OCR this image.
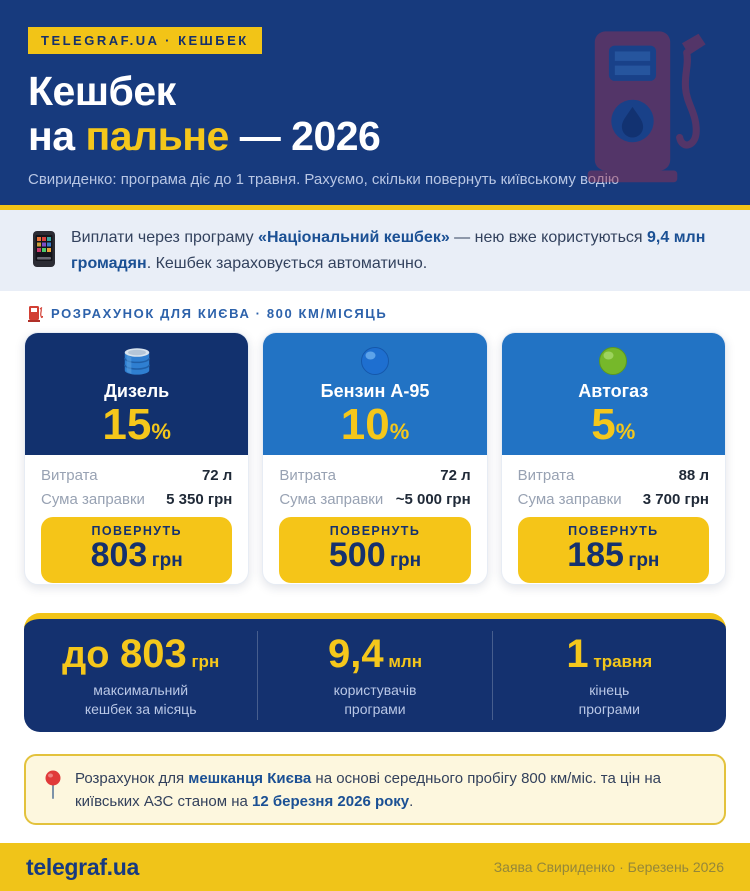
TELEGRAF.UA · КЕШБЕК
Кешбек
на пальне — 2026

Свириденко: програма діє до 1 травня. Рахуємо, скільки повернуть київському водію

Виплати через програму «Національний кешбек» — нею вже користуються 9,4 млн громадян. Кешбек зараховується автоматично.

РОЗРАХУНОК ДЛЯ КИЄВА · 800 КМ/МІСЯЦЬ
Дизель
15%
Витрата	72 л
Сума заправки 5 350 грн
ПОВЕРНУТЬ
803 грн
Бензин А-95
10%
Витрата	72 л
Сума заправки ~5 000 грн
ПОВЕРНУТЬ
500 грн
Автогаз
5%
Витрата	88 л
Сума заправки 3 700 грн
ПОВЕРНУТЬ
185 грн
до 803 грн
максимальний
кешбек за місяць
9,4 млн
користувачів
програми
1 травня
кінець
програми

Розрахунок для мешканця Києва на основі середнього пробігу 800 км/міс. та цін на київських АЗС станом на 12 березня 2026 року.

telegraf.ua	Заява Свириденко · Березень 2026
